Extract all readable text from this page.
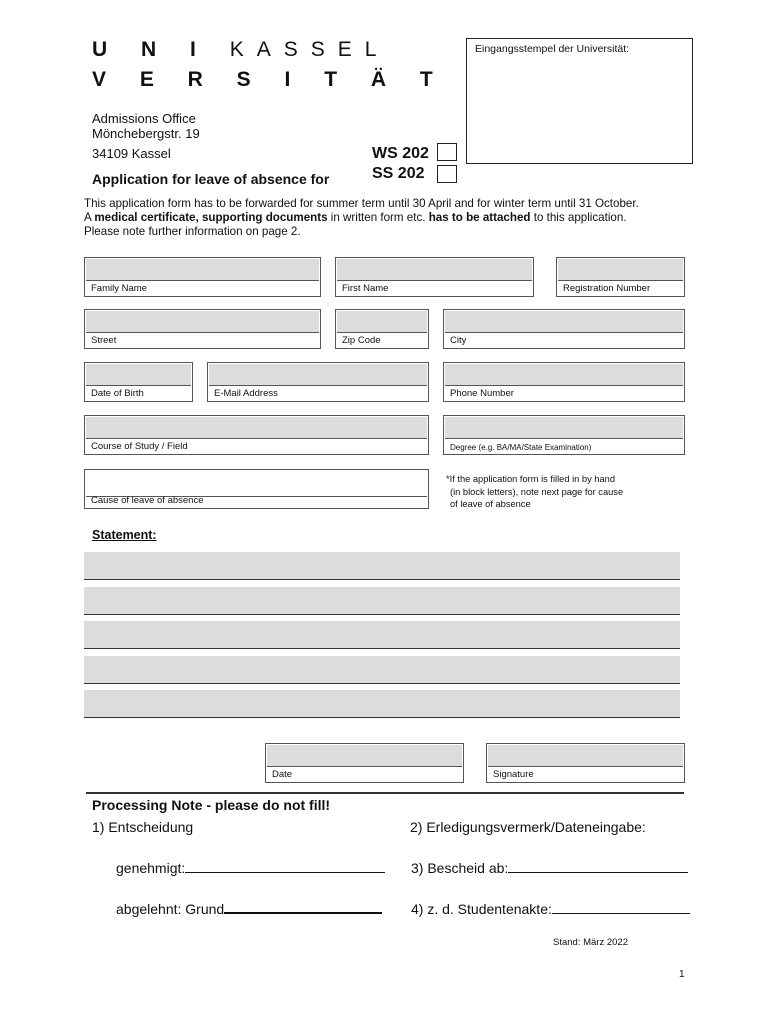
U N I KASSEL
V E R S I T Ä T
Eingangsstempel der Universität:
Admissions Office
Mönchebergstr. 19
34109 Kassel	WS 202
SS 202
Application for leave of absence for
This application form has to be forwarded for summer term until 30 April and for winter term until 31 October.
A medical certificate, supporting documents in written form etc. has to be attached to this application.
Please note further information on page 2.
Family Name	First Name	Registration Number
Street	Zip Code	City
Date of Birth	E-Mail Address	Phone Number
Course of Study / Field	Degree (e.g. BA/MA/State Examination)
Cause of leave of absence
*If the application form is filled in by hand
(in block letters), note next page for cause
of leave of absence
Statement:
Date	Signature
Processing Note - please do not fill!
1) Entscheidung	2) Erledigungsvermerk/Dateneingabe:
genehmigt:	3) Bescheid ab:
abgelehnt: Grund	4) z. d. Studentenakte:
Stand: März 2022
1
